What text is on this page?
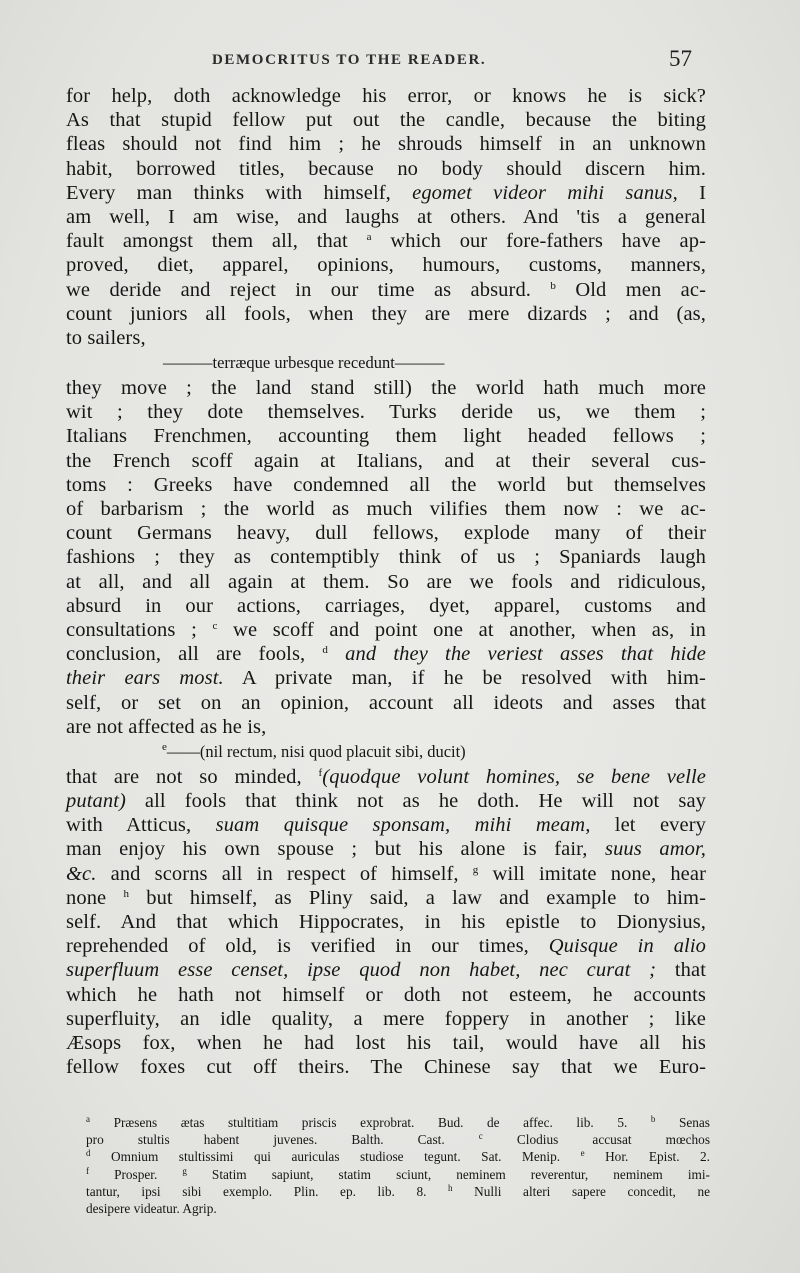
DEMOCRITUS TO THE READER.	57
for help, doth acknowledge his error, or knows he is sick?
As that stupid fellow put out the candle, because the biting
fleas should not find him ; he shrouds himself in an unknown
habit, borrowed titles, because no body should discern him.
Every man thinks with himself, egomet videor mihi sanus, I
am well, I am wise, and laughs at others. And 'tis a general
fault amongst them all, that $^a$ which our fore-fathers have ap-
proved, diet, apparel, opinions, humours, customs, manners,
we deride and reject in our time as absurd. $^b$ Old men ac-
count juniors all fools, when they are mere dizards ; and (as,
to sailers,
———terræque urbesque recedunt———
they move ; the land stand still) the world hath much more
wit ; they dote themselves. Turks deride us, we them ;
Italians Frenchmen, accounting them light headed fellows ;
the French scoff again at Italians, and at their several cus-
toms : Greeks have condemned all the world but themselves
of barbarism ; the world as much vilifies them now : we ac-
count Germans heavy, dull fellows, explode many of their
fashions ; they as contemptibly think of us ; Spaniards laugh
at all, and all again at them. So are we fools and ridiculous,
absurd in our actions, carriages, dyet, apparel, customs and
consultations ; $^c$ we scoff and point one at another, when as, in
conclusion, all are fools, $^d$ and they the veriest asses that hide
their ears most. A private man, if he be resolved with him-
self, or set on an opinion, account all ideots and asses that
are not affected as he is,
$^e$——(nil rectum, nisi quod placuit sibi, ducit)
that are not so minded, $^f$(quodque volunt homines, se bene velle
putant) all fools that think not as he doth. He will not say
with Atticus, suam quisque sponsam, mihi meam, let every
man enjoy his own spouse ; but his alone is fair, suus amor,
&c. and scorns all in respect of himself, $^g$ will imitate none, hear
none $^h$ but himself, as Pliny said, a law and example to him-
self. And that which Hippocrates, in his epistle to Dionysius,
reprehended of old, is verified in our times, Quisque in alio
superfluum esse censet, ipse quod non habet, nec curat ; that
which he hath not himself or doth not esteem, he accounts
superfluity, an idle quality, a mere foppery in another ; like
Æsops fox, when he had lost his tail, would have all his
fellow foxes cut off theirs. The Chinese say that we Euro-
$^a$ Præsens ætas stultitiam priscis exprobrat. Bud. de affec. lib. 5. $^b$ Senas
pro stultis habent juvenes. Balth. Cast. $^c$ Clodius accusat mœchos
$^d$ Omnium stultissimi qui auriculas studiose tegunt. Sat. Menip. $^e$ Hor. Epist. 2.
$^f$ Prosper. $^g$ Statim sapiunt, statim sciunt, neminem reverentur, neminem imi-
tantur, ipsi sibi exemplo. Plin. ep. lib. 8. $^h$ Nulli alteri sapere concedit, ne
desipere videatur. Agrip.
